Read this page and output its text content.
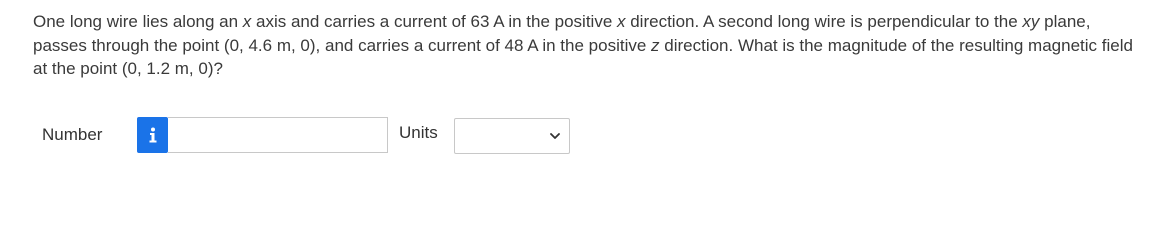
One long wire lies along an x axis and carries a current of 63 A in the positive x direction. A second long wire is perpendicular to the xy plane, passes through the point (0, 4.6 m, 0), and carries a current of 48 A in the positive z direction. What is the magnitude of the resulting magnetic field at the point (0, 1.2 m, 0)?
Number	Units
